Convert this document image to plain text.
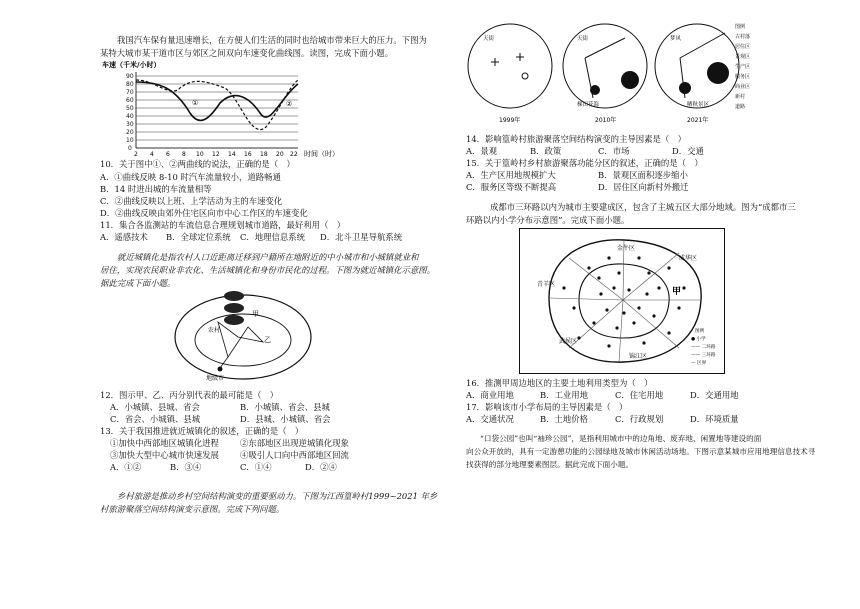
我国汽车保有量迅速增长，在方便人们生活的同时也给城市带来巨大的压力。下图为
某特大城市某干道市区与郊区之间双向车速变化曲线图。读图，完成下面小题。
车速（千米/小时）
90
80
70
60
50
40
30
20
10
0
①	②
2 4 6 8 10 12 14 16 18 20 22 时间（时）
10．关于图中①、②两曲线的说法，正确的是（　）
A．①曲线反映 8-10 时汽车流量较小，道路畅通
B．14 时进出城的车流量相等
C．②曲线反映以上班、上学活动为主的车速变化
D．②曲线反映由郊外住宅区向市中心工作区的车速变化
11．集合各监测站的车流信息合理规划城市道路，最好利用（　）
A．遥感技术 B．全球定位系统 C．地理信息系统 D．北斗卫星导航系统
就近城镇化是指农村人口近距离迁移到户籍所在地附近的中小城市和小城镇就业和
居住，实现农民职业非农化、生活城镇化和身份市民化的过程。下图为就近城镇化示意图。
据此完成下面小题。
农村
地级市
甲
乙
12．图示甲、乙、丙分别代表的最可能是（　）
A．小城镇、县城、省会	B．小城镇、省会、县城
C．省会、小城镇、县城	D．县城、小城镇、省会
13．关于我国推进就近城镇化的叙述，正确的是（　）
①加快中西部地区城镇化进程	②东部地区出现逆城镇化现象
③加快大型中心城市快速发展	④吸引人口向中西部地区回流
A．①②	B．③④	C．①④	D．②④
乡村旅游是推动乡村空间结构演变的重要驱动力。下图为江西篁岭村1999~2021 年乡
村旅游聚落空间结构演变示意图。完成下列问题。
天街	天街	梦风
梯田花海	晒秋景区
1999年	2010年	2021年
图例
古村落
居住区
景观区
生产区
服务区
商业区
新村
道路
14．影响篁岭村旅游聚落空间结构演变的主导因素是（　）
A．景观	B．政策	C．市场	D．交通
15．关于篁岭村乡村旅游聚落功能分区的叙述，正确的是（　）
A．生产区用地规模扩大	B．景观区面积逐步缩小
C．服务区等级不断提高	D．居住区向新村外搬迁
成都市三环路以内为城市主要建成区，包含了主城五区大部分地域。图为“成都市三
环路以内小学分布示意图”。完成下面小题。
金牛区
青羊区
成华区
锦江区
武侯区
甲
图例
● 小学
—— 二环路
—— 三环路
— 区界
16．推测甲周边地区的主要土地利用类型为（　）
A．商业用地	B．工业用地	C．住宅用地	D．交通用地
17．影响该市小学布局的主导因素是（　）
A．交通状况	B．土地价格	C．行政规划	D．环境质量
“口袋公园”也叫“袖珍公园”，是指利用城市中的边角地、废弃地、闲置地等建设的面
向公众开放的，具有一定游憩功能的公园绿地及城市休闲活动场地。下图示意某城市应用地理信息技术寻
找获得的部分地理要素图层。据此完成下面小题。
